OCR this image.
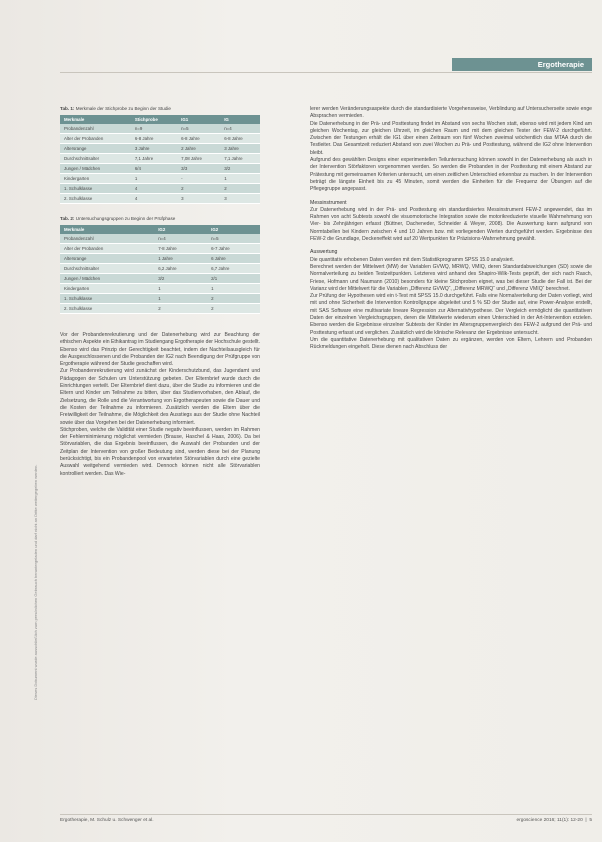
Ergotherapie
Dieses Dokument wurde ausschließlich zum persönlichen Gebrauch heruntergeladen und darf nicht an Dritte weitergegeben werden.
Tab. 1: Merkmale der Stichprobe zu Beginn der Studie
Merkmale	Stichprobe	IG1	IG
Probandenzahl	n=9	n=5	n=4
Alter der Probanden	6-8 Jahre	6-8 Jahre	6-8 Jahre
Altersrange	3 Jahre	2 Jahre	3 Jahre
Durchschnittsalter	7,1 Jahre	7,08 Jahre	7,1 Jahre
Jungen / Mädchen	6/4	3/3	3/2
Kindergarten	1	-	1
1. Schulklasse	4	2	2
2. Schulklasse	4	3	3
Tab. 2: Untersuchungsgruppen zu Beginn der Prüfphase
Merkmale	IG2	IG2
Probandenzahl	n=4	n=5
Alter der Probanden	7-8 Jahre	6-7 Jahre
Altersrange	1 Jahre	6 Jahre
Durchschnittsalter	6,2 Jahre	6,7 Jahre
Jungen / Mädchen	3/2	2/1
Kindergarten	1	1
1. Schulklasse	1	2
2. Schulklasse	2	2

Vor der Probandenrekrutierung und der Datenerhebung wird zur Beachtung der ethischen Aspekte ein Ethikantrag im Studiengang Ergotherapie der Hochschule gestellt. Ebenso wird das Prinzip der Gerechtigkeit beachtet, indem der Nachteilsausgleich für die Ausgeschlossenen und die Probanden der IG2 nach Beendigung der Prüfgruppe von Ergotherapie während der Studie geschaffen wird.

Zur Probandenrekrutierung wird zunächst der Kinderschutzbund, das Jugendamt und Pädagogen der Schulen um Unterstützung gebeten. Der Elternbrief wurde durch die Einrichtungen verteilt. Der Elternbrief dient dazu, über die Studie zu informieren und die Eltern und Kinder um Teilnahme zu bitten, über das Studienvorhaben, den Ablauf, die Zielsetzung, die Rolle und die Verantwortung von Ergotherapeuten sowie die Dauer und die Kosten der Teilnahme zu informieren. Zusätzlich werden die Eltern über die Freiwilligkeit der Teilnahme, die Möglichkeit des Ausstiegs aus der Studie ohne Nachteil sowie über das Vorgehen bei der Datenerhebung informiert.

Stichproben, welche die Validität einer Studie negativ beeinflussen, werden im Rahmen der Fehlerminimierung möglichst vermieden (Brause, Haschel & Haas, 2006). Da bei Störvariablen, die das Ergebnis beeinflussen, die Auswahl der Probanden und der Zeitplan der Intervention von großer Bedeutung sind, werden diese bei der Planung berücksichtigt, bis ein Probandenpool von erwarteten Störvariablen durch eine gezielte Auswahl weitgehend vermieden wird. Dennoch können nicht alle Störvariablen kontrolliert werden. Das Wie-

lerer werden Veränderungsaspekte durch die standardisierte Vorgehensweise, Verblindung auf Untersucherseite sowie enge Absprachen vermieden.

Die Datenerhebung in der Prä- und Posttestung findet im Abstand von sechs Wochen statt, ebenso wird mit jedem Kind am gleichen Wochentag, zur gleichen Uhrzeit, im gleichen Raum und mit dem gleichen Tester der FEW-2 durchgeführt. Zwischen der Testungen erhält die IG1 über einen Zeitraum von fünf Wochen zweimal wöchentlich das MTAA durch die Testleiter. Das Gesamtzeit reduziert Abstand von zwei Wochen zu Prä- und Posttestung, während die IG2 ohne Intervention bleibt.

Aufgrund des gewählten Designs einer experimentellen Teiluntersuchung können sowohl in der Datenerhebung als auch in der Intervention Störfaktoren vorgenommen werden. So werden die Probanden in der Posttestung mit einem Abstand zur Prätestung mit gemeinsamen Kriterien untersucht, um einen zeitlichen Unterschied erkennbar zu machen. In der Intervention beträgt die längste Einheit bis zu 45 Minuten, somit werden die Einheiten für die Frequenz der Übungen auf die Pflegegruppe angepasst.

Messinstrument

Zur Datenerhebung wird in der Prä- und Posttestung ein standardisiertes Messinstrument FEW-2 angewendet, das im Rahmen von acht Subtests sowohl die visuomotorische Integration sowie die motorikreduzierte visuelle Wahrnehmung von Vier- bis Zehnjährigen erfasst (Büttner, Dacheneder, Schneider & Weyer, 2008). Die Auswertung kann aufgrund von Normtabellen bei Kindern zwischen 4 und 10 Jahren bzw. mit vorliegenden Werten durchgeführt werden. Ergebnisse des FEW-2 die Grundlage, Deckeneffekt wird auf 20 Wertpunkten für Präzisions-Wahrnehmung gewählt.

Auswertung

Die quantitativ erhobenen Daten werden mit dem Statistikprogramm SPSS 15.0 analysiert.

Berechnet werden der Mittelwert (MW) der Variablen GVWQ, MRWQ, VMIQ, deren Standardabweichungen (SD) sowie die Normalverteilung zu beiden Testzeitpunkten. Letzteres wird anhand des Shapiro-Wilk-Tests geprüft, der sich nach Rasch, Friese, Hofmann und Naumann (2010) besonders für kleine Stichproben eignet, was bei dieser Studie der Fall ist. Bei der Varianz wird der Mittelwert für die Variablen „Differenz GVWQ“, „Differenz MRWQ“ und „Differenz VMIQ“ berechnet.

Zur Prüfung der Hypothesen wird ein t-Test mit SPSS 15.0 durchgeführt. Falls eine Normalverteilung der Daten vorliegt, wird mit und ohne Sicherheit die Intervention Kontrollgruppe abgeleitet und 5 % SD der Studie auf, eine Power-Analyse erstellt, mit SAS Software eine multivariate lineare Regression zur Alternativhypothese. Der Vergleich ermöglicht die quantitativen Daten der einzelnen Vergleichsgruppen, deren die Mittelwerte wiederum einen Unterschied in der Art-Intervention erzielen. Ebenso werden die Ergebnisse einzelner Subtests der Kinder im Altersgruppenvergleich des FEW-2 aufgrund der Prä- und Posttestung erfasst und verglichen. Zusätzlich wird die klinische Relevanz der Ergebnisse untersucht.

Um die quantitative Datenerhebung mit qualitativen Daten zu ergänzen, werden von Eltern, Lehrern und Probanden Rückmeldungen eingeholt. Diese dienen nach Abschluss der

Ergotherapie, M. Schulz u. Schwenger et al.	ergoscience 2016; 11(1): 12-20  |  5
